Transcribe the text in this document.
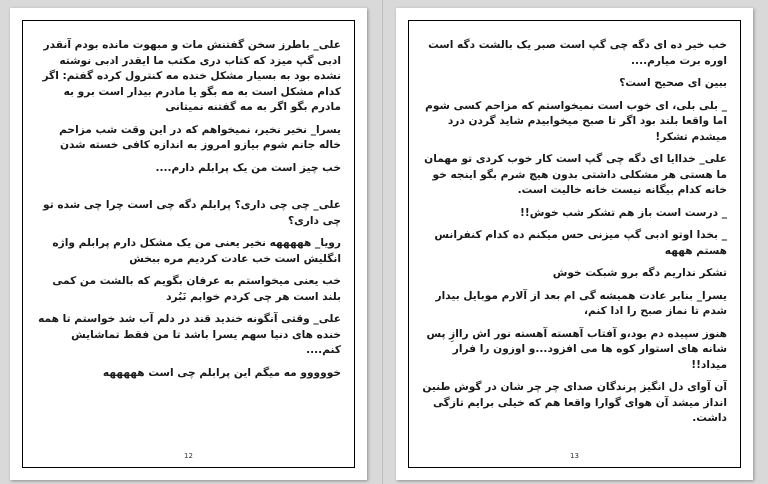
علی_ باطرز سخن گفتنش مات و مبهوت مانده بودم آنقدر ادبی گپ میزد که کتاب دری مکتب ما ایقدر ادبی نوشته نشده بود به بسیار مشکل خنده مه کنترول کرده گفتم: اگر کدام مشکل است به مه بگو یا مادرم بیدار است برو به مادرم بگو اگر به مه گفتنه نمیتانی

یسرا_ نخیر نخیر، نمیخواهم که در این وقت شب مزاحم خاله جانم شوم بیازو امروز به اندازه کافی خسته شدن

خب چیز است من یک پرابلم دارم....

علی_ چی چی داری؟ پرابلم دگه چی است چرا چی شده تو چی داری؟

رویا_ هههههه نخیر یعنی من یک مشکل دارم پرابلم واژه انگلیش است خب عادت کردیم مره ببخش

خب یعنی میخواستم به عرفان بگویم که بالشت من کمی بلند است هر چی کردم خوابم نَبُرد

علی_ وقتی آنگونه خندید قند در دلم آب شد خواستم تا همه خنده های دنیا سهم یسرا باشد تا من فقط تماشایش کنم....

خووووو مه میگم این پرابلم چی است هههههه

12

خب خیر ده ای دگه چی گپ است صبر یک بالشت دگه است اوره برت میارم....

ببین ای صحیح است؟

_ بلی بلی، ای خوب است نمیخواستم که مزاحم کسی شوم اما واقعا بلند بود اگر تا صبح میخوابیدم شاید گردن درد میشدم تشکر!

علی_ خداایا ای دگه چی گپ است کار خوب کردی تو مهمان ما هستی هر مشکلی داشتی بدون هیچ شرم بگو اینجه خو خانه کدام بیگانه نیست خانه خالیت است.

_ درست است باز هم تشکر شب خوش!!

_ بخدا اوتو ادبی گپ میزنی حس میکنم ده کدام کنفرانس هستم هههه

تشکر نداریم دگه برو شبکت خوش

یسرا_ بنابر عادت همیشه گی ام بعد از آلارم موبایل بیدار شدم تا نماز صبح را ادا کنم،

هنوز سپیده دم بود،و آفتاب آهسته آهسته نور اش راازِ پس شانه های استوار کوه ها می افزود...و اوزون را فرار میداد!!

آن آوای دل انگیز پرندگان صدای چر چر شان در گوش طنین انداز میشد آن هوای گوارا واقعا هم که خیلی برایم تازگی داشت.

13
